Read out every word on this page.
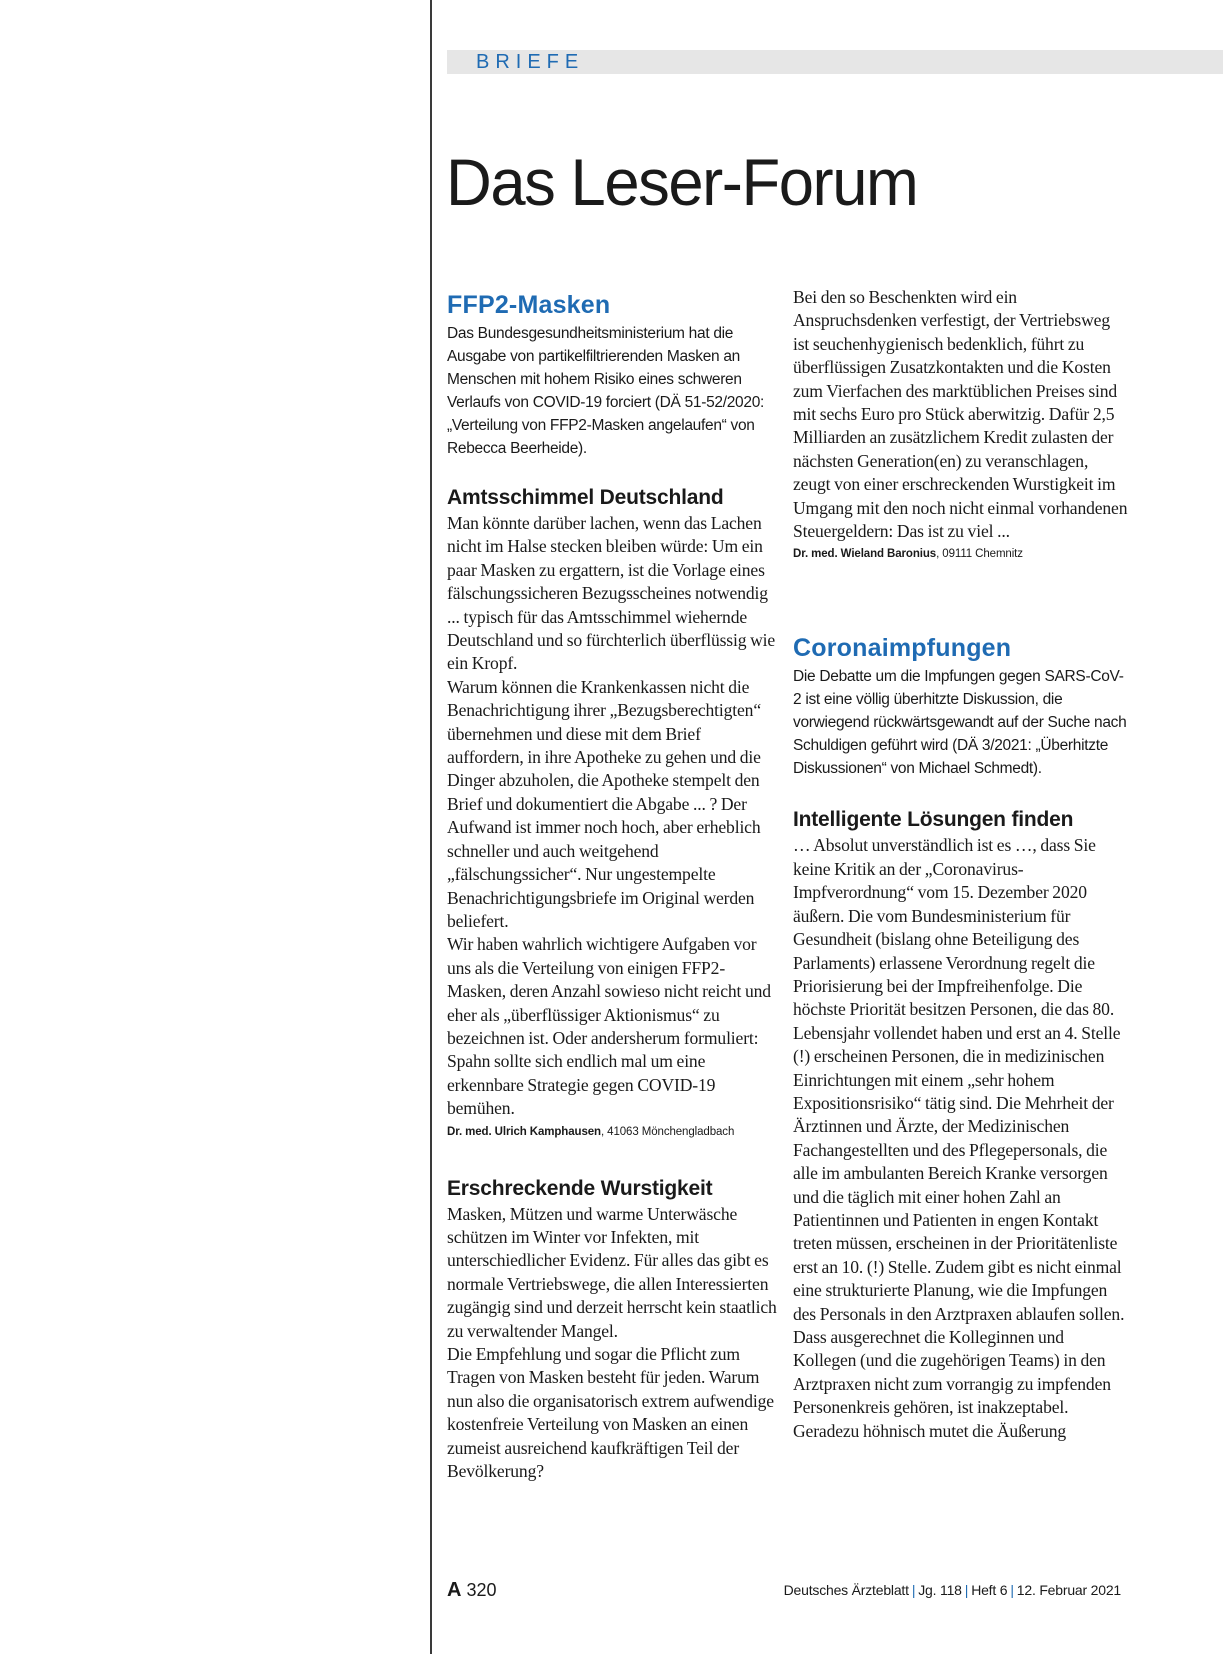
BRIEFE
Das Leser-Forum
FFP2-Masken

Das Bundesgesundheitsministerium hat die Ausgabe von partikelfiltrierenden Masken an Menschen mit hohem Risiko eines schweren Verlaufs von COVID-19 forciert (DÄ 51-52/2020: „Verteilung von FFP2-Masken angelaufen“ von Rebecca Beerheide).

Amtsschimmel Deutschland

Man könnte darüber lachen, wenn das Lachen nicht im Halse stecken bleiben würde: Um ein paar Masken zu ergattern, ist die Vorlage eines fälschungssicheren Bezugsscheines notwendig ... typisch für das Amtsschimmel wiehernde Deutschland und so fürchterlich überflüssig wie ein Kropf.

Warum können die Krankenkassen nicht die Benachrichtigung ihrer „Bezugsberechtigten“ übernehmen und diese mit dem Brief auffordern, in ihre Apotheke zu gehen und die Dinger abzuholen, die Apotheke stempelt den Brief und dokumentiert die Abgabe ... ? Der Aufwand ist immer noch hoch, aber erheblich schneller und auch weitgehend „fälschungssicher“. Nur ungestempelte Benachrichtigungsbriefe im Original werden beliefert.

Wir haben wahrlich wichtigere Aufgaben vor uns als die Verteilung von einigen FFP2-Masken, deren Anzahl sowieso nicht reicht und eher als „überflüssiger Aktionismus“ zu bezeichnen ist. Oder andersherum formuliert: Spahn sollte sich endlich mal um eine erkennbare Strategie gegen COVID-19 bemühen.

Dr. med. Ulrich Kamphausen, 41063 Mönchengladbach

Erschreckende Wurstigkeit

Masken, Mützen und warme Unterwäsche schützen im Winter vor Infekten, mit unterschiedlicher Evidenz. Für alles das gibt es normale Vertriebswege, die allen Interessierten zugängig sind und derzeit herrscht kein staatlich zu verwaltender Mangel.

Die Empfehlung und sogar die Pflicht zum Tragen von Masken besteht für jeden. Warum nun also die organisatorisch extrem aufwendige kostenfreie Verteilung von Masken an einen zumeist ausreichend kaufkräftigen Teil der Bevölkerung?

Bei den so Beschenkten wird ein Anspruchsdenken verfestigt, der Vertriebsweg ist seuchenhygienisch bedenklich, führt zu überflüssigen Zusatzkontakten und die Kosten zum Vierfachen des marktüblichen Preises sind mit sechs Euro pro Stück aberwitzig. Dafür 2,5 Milliarden an zusätzlichem Kredit zulasten der nächsten Generation(en) zu veranschlagen, zeugt von einer erschreckenden Wurstigkeit im Umgang mit den noch nicht einmal vorhandenen Steuergeldern: Das ist zu viel ...

Dr. med. Wieland Baronius, 09111 Chemnitz

Coronaimpfungen

Die Debatte um die Impfungen gegen SARS-CoV-2 ist eine völlig überhitzte Diskussion, die vorwiegend rückwärtsgewandt auf der Suche nach Schuldigen geführt wird (DÄ 3/2021: „Überhitzte Diskussionen“ von Michael Schmedt).

Intelligente Lösungen finden

… Absolut unverständlich ist es …, dass Sie keine Kritik an der „Coronavirus-Impfverordnung“ vom 15. Dezember 2020 äußern. Die vom Bundesministerium für Gesundheit (bislang ohne Beteiligung des Parlaments) erlassene Verordnung regelt die Priorisierung bei der Impfreihenfolge. Die höchste Priorität besitzen Personen, die das 80. Lebensjahr vollendet haben und erst an 4. Stelle (!) erscheinen Personen, die in medizinischen Einrichtungen mit einem „sehr hohem Expositionsrisiko“ tätig sind. Die Mehrheit der Ärztinnen und Ärzte, der Medizinischen Fachangestellten und des Pflegepersonals, die alle im ambulanten Bereich Kranke versorgen und die täglich mit einer hohen Zahl an Patientinnen und Patienten in engen Kontakt treten müssen, erscheinen in der Prioritätenliste erst an 10. (!) Stelle. Zudem gibt es nicht einmal eine strukturierte Planung, wie die Impfungen des Personals in den Arztpraxen ablaufen sollen. Dass ausgerechnet die Kolleginnen und Kollegen (und die zugehörigen Teams) in den Arztpraxen nicht zum vorrangig zu impfenden Personenkreis gehören, ist inakzeptabel. Geradezu höhnisch mutet die Äußerung

A 320	Deutsches Ärzteblatt | Jg. 118 | Heft 6 | 12. Februar 2021
